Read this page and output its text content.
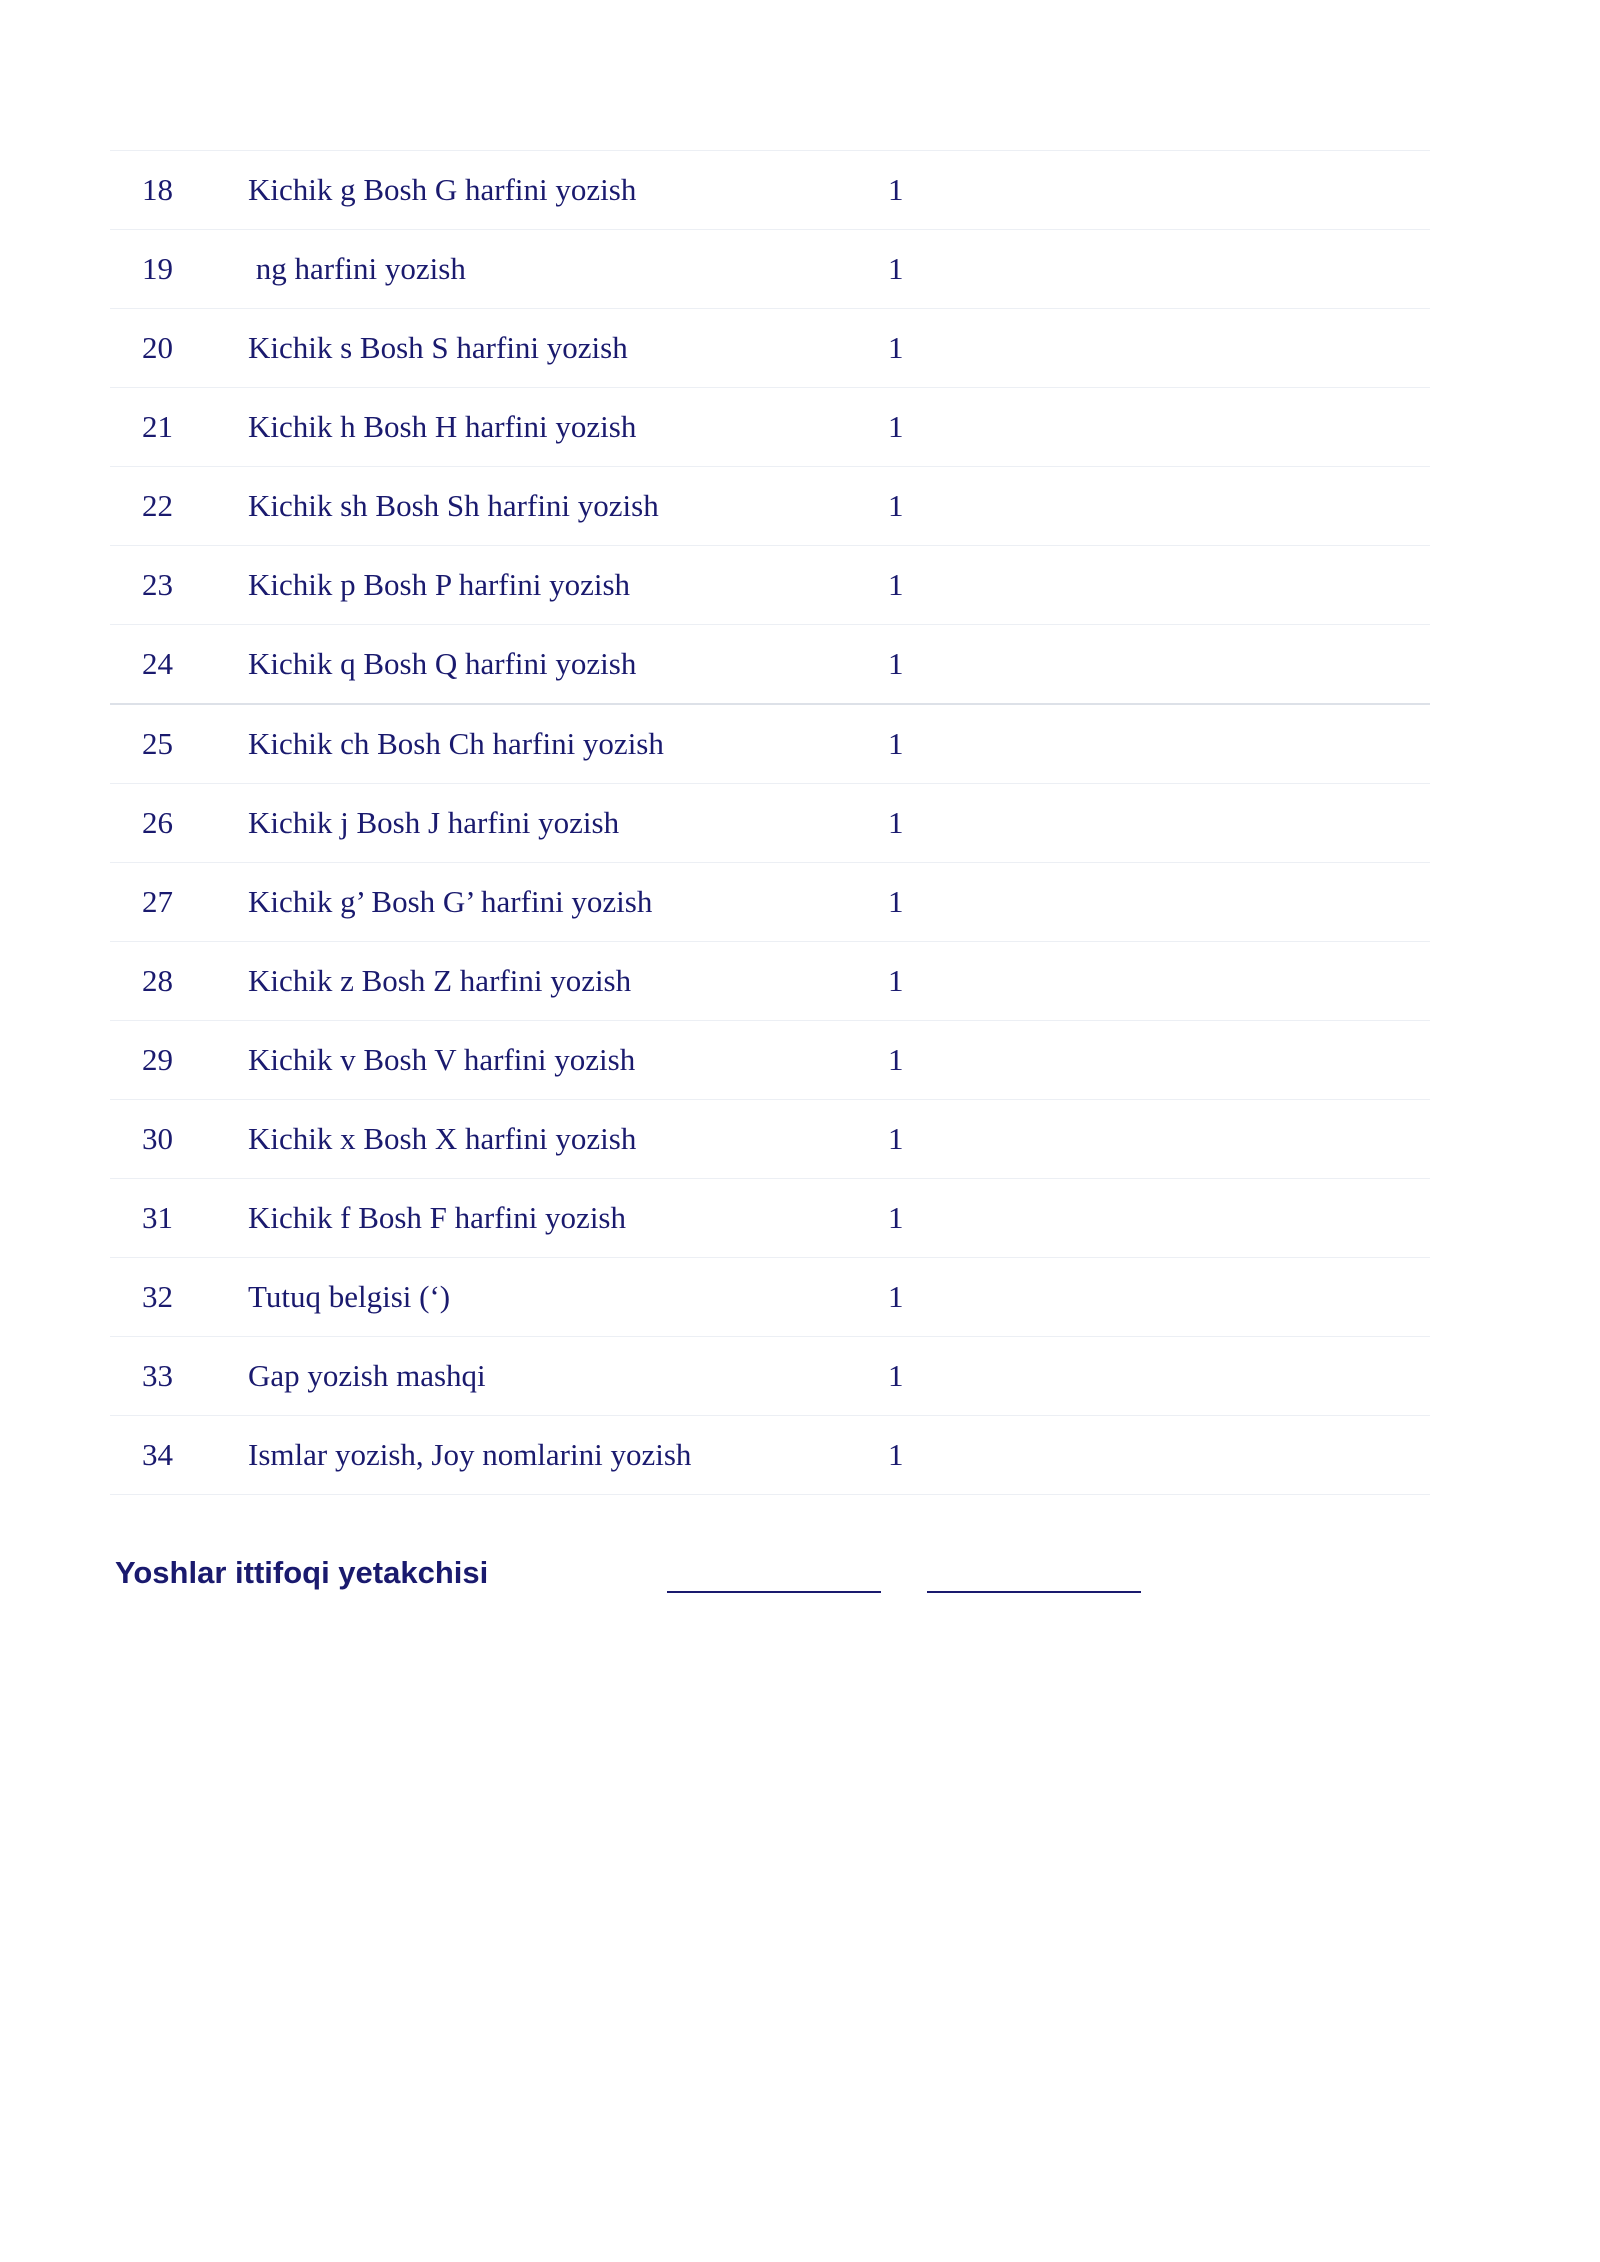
18	Kichik g Bosh G harfini yozish	1	
19	ng harfini yozish	1	
20	Kichik s Bosh S harfini yozish	1	
21	Kichik h Bosh H harfini yozish	1	
22	Kichik sh Bosh Sh harfini yozish	1	
23	Kichik p Bosh P harfini yozish	1	
24	Kichik q Bosh Q harfini yozish	1	
25	Kichik ch Bosh Ch harfini yozish	1	
26	Kichik j Bosh J harfini yozish	1	
27	Kichik g’ Bosh G’ harfini yozish	1	
28	Kichik z Bosh Z harfini yozish	1	
29	Kichik v Bosh V harfini yozish	1	
30	Kichik x Bosh X harfini yozish	1	
31	Kichik f Bosh F harfini yozish	1	
32	Tutuq belgisi (‘)	1	
33	Gap yozish mashqi	1	
34	Ismlar yozish, Joy nomlarini yozish	1	
Yoshlar ittifoqi yetakchisi
